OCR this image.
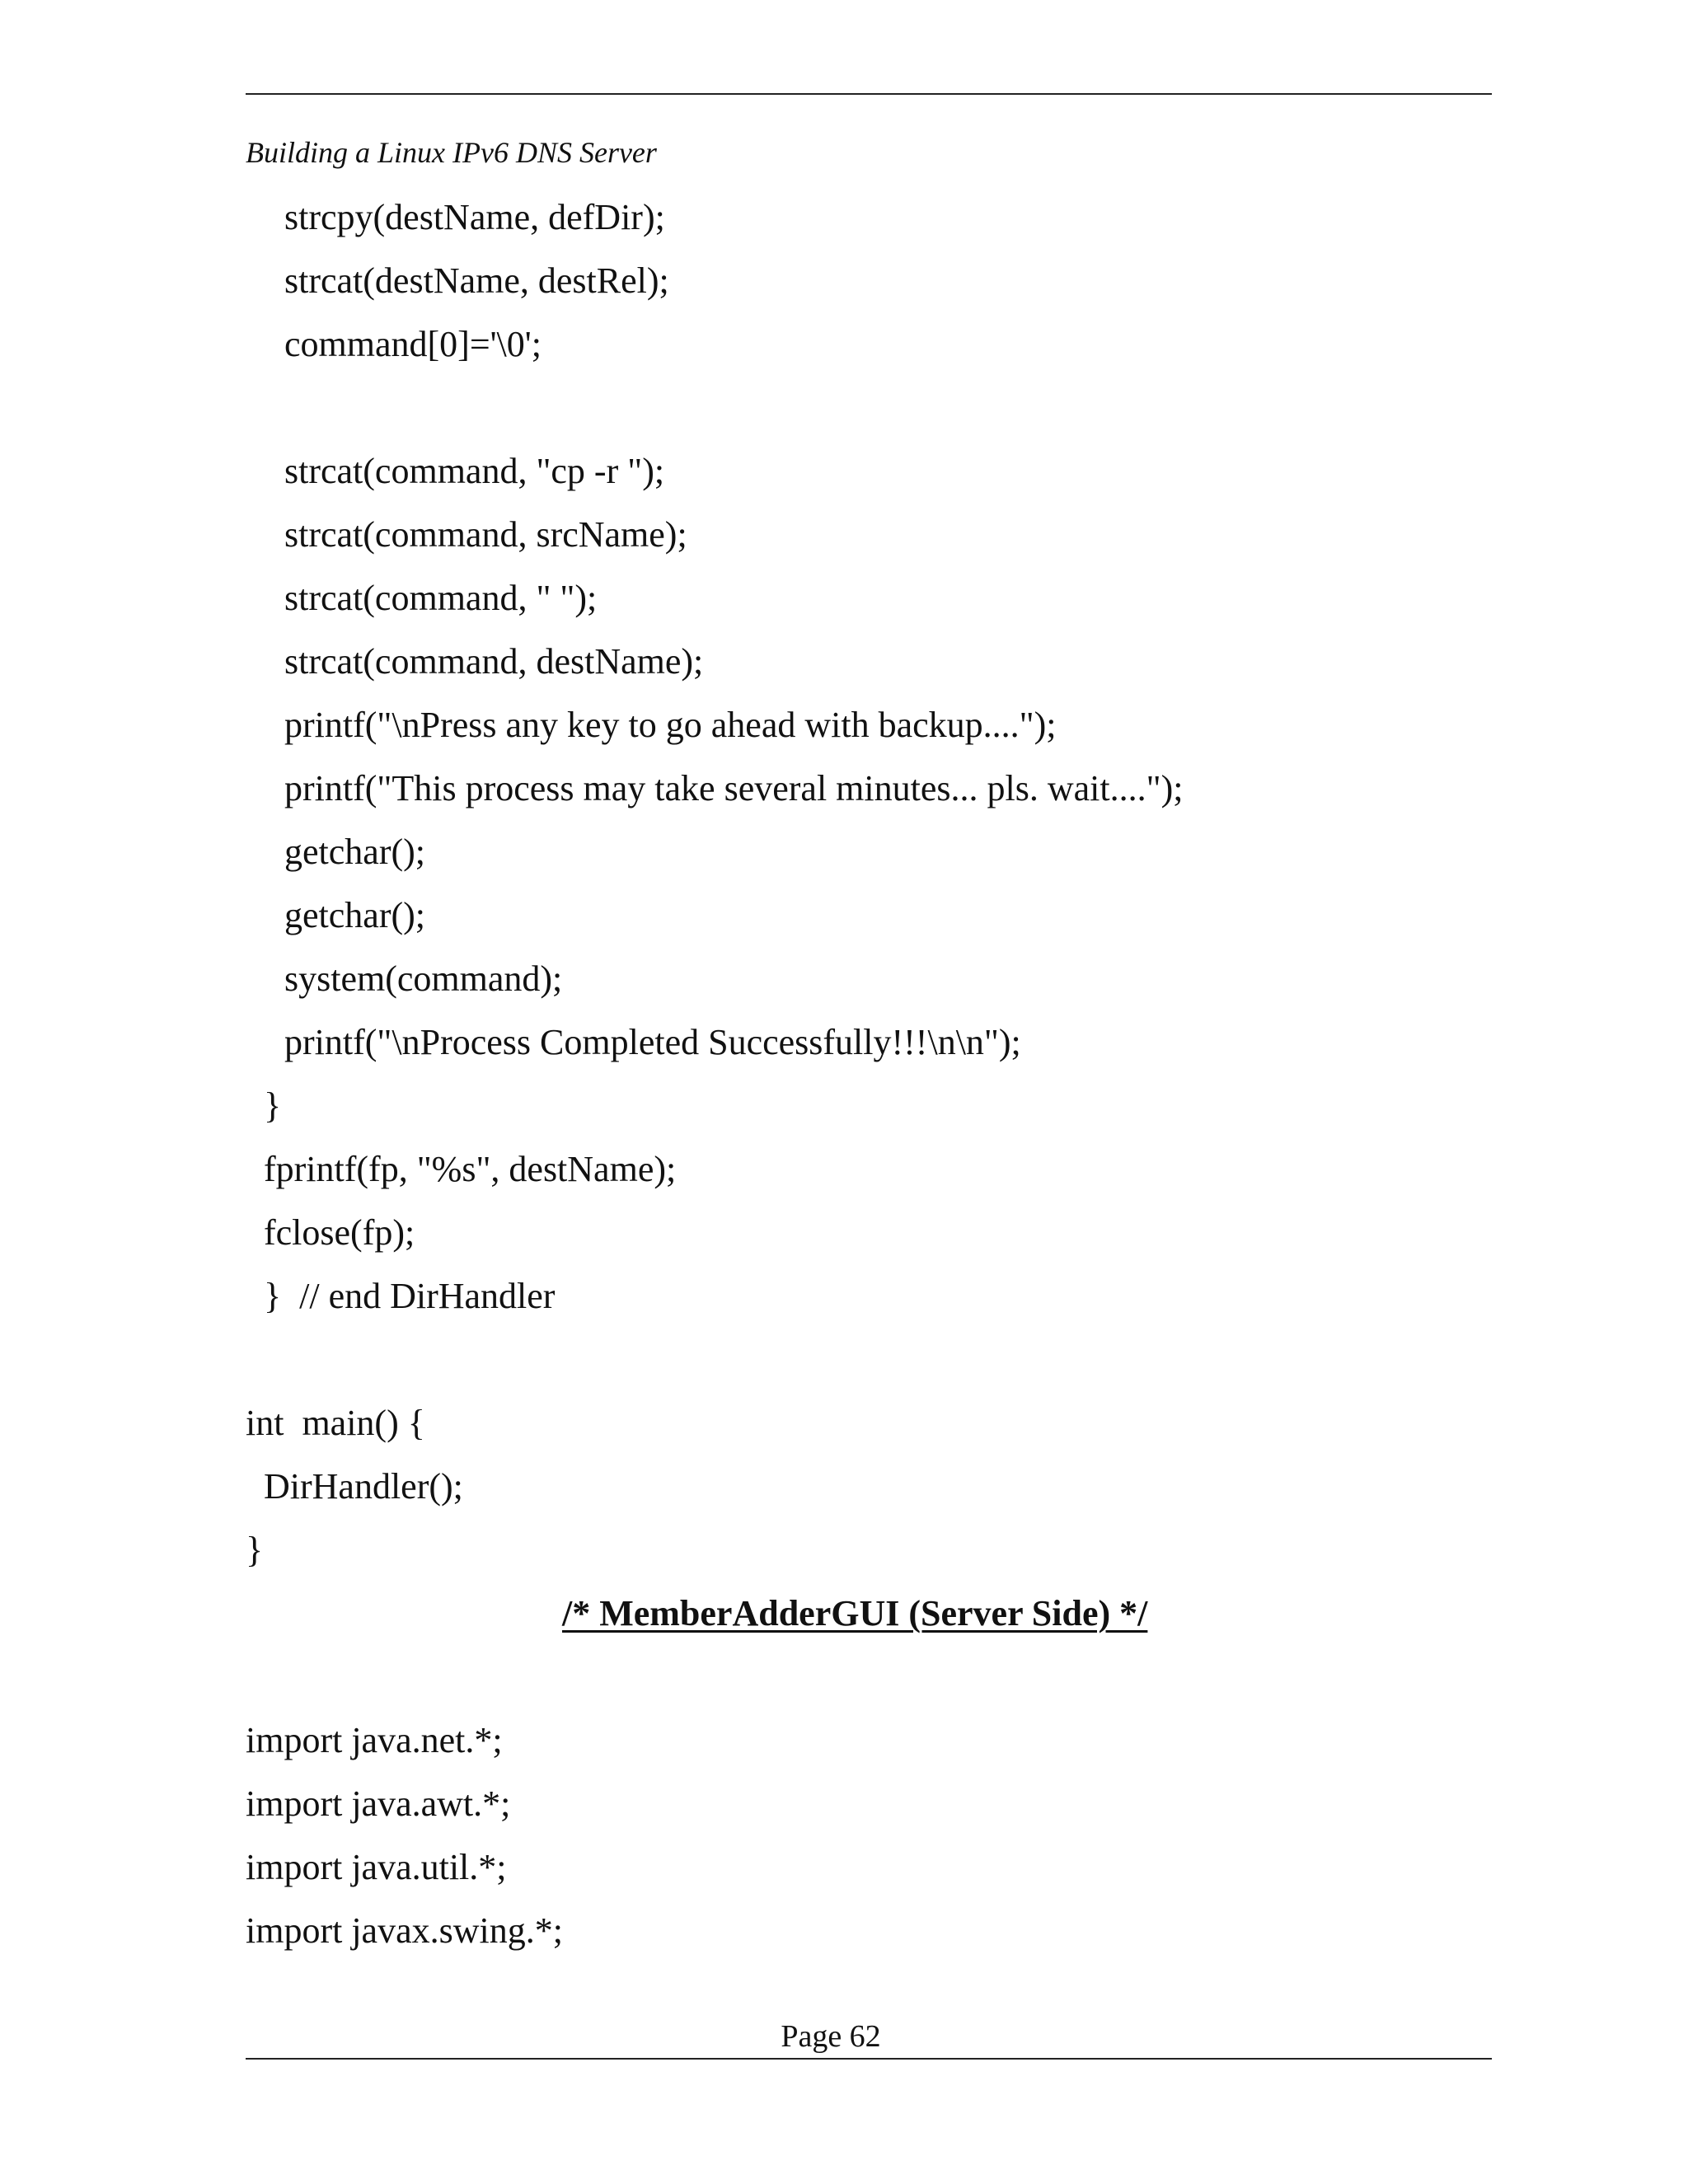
Building a Linux IPv6 DNS Server
strcpy(destName, defDir);
strcat(destName, destRel);
command[0]='\0';
strcat(command, "cp -r ");
strcat(command, srcName);
strcat(command, " ");
strcat(command, destName);
printf("\nPress any key to go ahead with backup....");
printf("This process may take several minutes... pls. wait....");
getchar();
getchar();
system(command);
printf("\nProcess Completed Successfully!!!\n\n");
}
fprintf(fp, "%s", destName);
fclose(fp);
}  // end DirHandler
int  main() {
DirHandler();
}
/* MemberAdderGUI (Server Side) */
import java.net.*;
import java.awt.*;
import java.util.*;
import javax.swing.*;
Page 62
